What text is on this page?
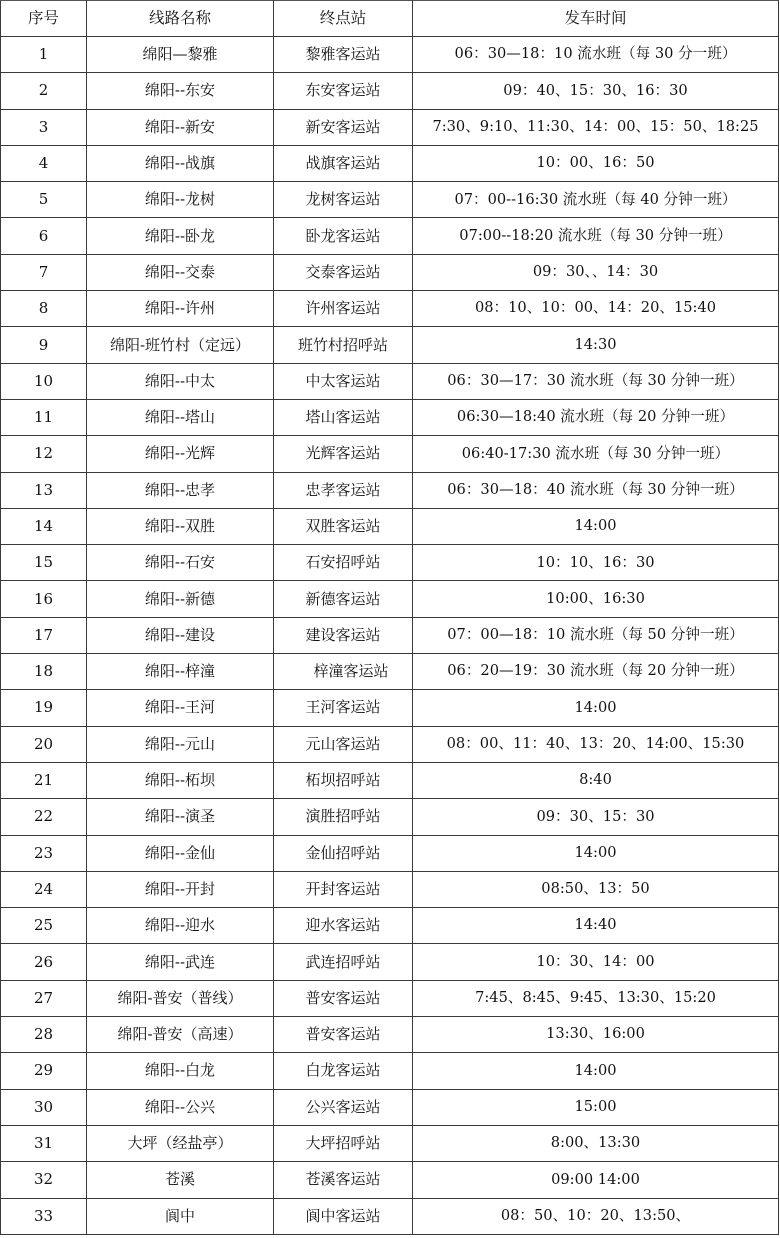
序号	线路名称	终点站	发车时间
1	绵阳—黎雅	黎雅客运站	06：30—18：10 流水班（每 30 分一班）
2	绵阳--东安	东安客运站	09：40、15：30、16：30
3	绵阳--新安	新安客运站	7:30、9:10、11:30、14：00、15：50、18:25
4	绵阳--战旗	战旗客运站	10：00、16：50
5	绵阳--龙树	龙树客运站	07：00--16:30 流水班（每 40 分钟一班）
6	绵阳--卧龙	卧龙客运站	07:00--18:20 流水班（每 30 分钟一班）
7	绵阳--交泰	交泰客运站	09：30、、14：30
8	绵阳--许州	许州客运站	08：10、10：00、14：20、15:40
9	绵阳-班竹村（定远）	班竹村招呼站	14:30
10	绵阳--中太	中太客运站	06：30—17：30 流水班（每 30 分钟一班）
11	绵阳--塔山	塔山客运站	06:30—18:40 流水班（每 20 分钟一班）
12	绵阳--光辉	光辉客运站	06:40-17:30 流水班（每 30 分钟一班）
13	绵阳--忠孝	忠孝客运站	06：30—18：40 流水班（每 30 分钟一班）
14	绵阳--双胜	双胜客运站	14:00
15	绵阳--石安	石安招呼站	10：10、16：30
16	绵阳--新德	新德客运站	10:00、16:30
17	绵阳--建设	建设客运站	07：00—18：10 流水班（每 50 分钟一班）
18	绵阳--梓潼	梓潼客运站	06：20—19：30 流水班（每 20 分钟一班）
19	绵阳--王河	王河客运站	14:00
20	绵阳--元山	元山客运站	08：00、11：40、13：20、14:00、15:30
21	绵阳--柘坝	柘坝招呼站	8:40
22	绵阳--演圣	演胜招呼站	09：30、15：30
23	绵阳--金仙	金仙招呼站	14:00
24	绵阳--开封	开封客运站	08:50、13：50
25	绵阳--迎水	迎水客运站	14:40
26	绵阳--武连	武连招呼站	10：30、14：00
27	绵阳-普安（普线）	普安客运站	7:45、8:45、9:45、13:30、15:20
28	绵阳-普安（高速）	普安客运站	13:30、16:00
29	绵阳--白龙	白龙客运站	14:00
30	绵阳--公兴	公兴客运站	15:00
31	大坪（经盐亭）	大坪招呼站	8:00、13:30
32	苍溪	苍溪客运站	09:00 14:00
33	阆中	阆中客运站	08：50、10：20、13:50、
